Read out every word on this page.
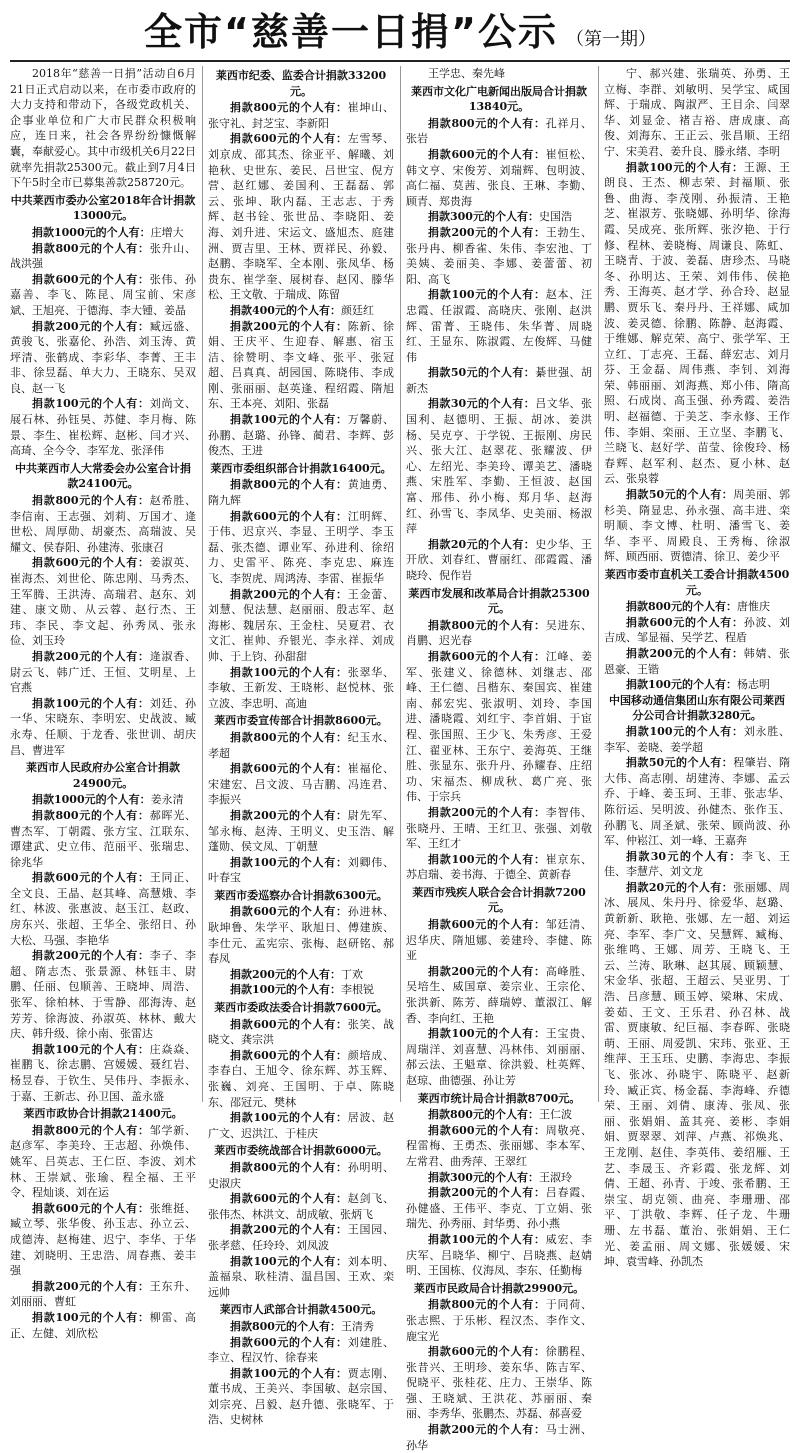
全市“慈善一日捐”公示 （第一期）
2018年“慈善一日捐”活动自6月21日正式启动以来，在市委市政府的大力支持和带动下，各级党政机关、企事业单位和广大市民群众积极响应，连日来，社会各界纷纷慷慨解囊，奉献爱心。其中市级机关6月22日就率先捐款25300元。截止到7月4日下午5时全市已募集善款258720元。
中共莱西市委办公室2018年合计捐款13000元。
捐款1000元的个人有：庄增大
捐款800元的个人有：张升山、战洪强
捐款600元的个人有：张伟、孙嘉善、李飞、陈昆、周宝前、宋彦斌、王旭亮、于德海、李大锺、姜晶
捐款200元的个人有：臧远盛、黄骏飞、张嘉伦、孙浩、刘玉涛、黄坪清、张鹤成、李彩华、李菁、王丰非、徐昱磊、单大力、王晓东、吴双良、赵一飞
捐款100元的个人有：刘尚文、展石林、孙钰昊、苏健、李月梅、陈景、李生、崔松辉、赵彬、闫才兴、高琦、全今令、李军龙、张泽伟
中共莱西市人大常委会办公室合计捐款24100元。
捐款800元的个人有：赵希胜、李信南、王志强、刘莉、万国才、逄世松、周厚勋、胡豪杰、高瑞波、吴耀文、侯春阳、孙建涛、张康召
捐款600元的个人有：姜淑英、崔海杰、刘世伦、陈忠刚、马秀杰、王军腾、王洪涛、高瑞君、赵东、刘建、康文勋、从云蓉、赵行杰、王玮、李民、李文起、孙秀凤、张永俭、刘玉玲
捐款200元的个人有：逄淑香、尉云飞、韩广迁、王恒、艾明星、上官燕
捐款100元的个人有：刘廷、孙一华、宋晓东、李明宏、史战波、臧永寿、任顺、于龙香、张世训、胡庆昌、曹进军
莱西市人民政府办公室合计捐款24900元。
捐款1000元的个人有：姜永清
捐款800元的个人有：郝晖光、曹杰军、丁朝霞、张方宝、江联东、谭建武、史立伟、范丽平、张瑞忠、徐兆华
捐款600元的个人有：王同正、全文良、王晶、赵其峰、高慧娥、李红、林波、张惠波、赵玉江、赵政、房东兴、张超、王华全、张绍日、孙大松、马强、李艳华
捐款200元的个人有：李子、李超、隋志杰、张景源、林钰丰、尉鹏、任丽、包顺善、王晓坤、周浩、张军、徐柏林、于雪静、邵海涛、赵芳芳、徐海波、孙淑英、林林、戴大庆、韩升级、徐小南、张雷达
捐款100元的个人有：庄焱焱、崔鹏飞、徐志鹏、宫媛媛、聂红岩、杨昱春、于钦生、吴伟丹、李振永、于嘉、王新志、孙卫国、盖永盛
莱西市政协合计捐款21400元。
捐款800元的个人有：邹学新、赵彦军、李美玲、王志超、孙焕伟、姚军、吕英志、王仁臣、李波、刘术林、王崇斌、张瑜、程全福、王平令、程灿谈、刘在运
捐款600元的个人有：张维挺、臧立琴、张华俊、孙玉志、孙立云、成德涛、赵梅建、迟宁、李华、于华建、刘晓明、王忠浩、周春燕、姜丰强
捐款200元的个人有：王东升、刘丽丽、曹虹
捐款100元的个人有：柳雷、高正、左健、刘欣松
莱西市纪委、监委合计捐款33200元。
捐款800元的个人有：崔坤山、张守礼、封芝宝、李新阳
捐款600元的个人有：左雪琴、刘京成、邵其杰、徐亚平、解曦、刘艳秋、史世东、姜民、吕世宝、倪方营、赵红娜、姜国利、王磊磊、郭云、张坤、耿内磊、王志志、于秀辉、赵书铨、张世品、李晓阳、姜海、刘升进、宋运文、盛旭杰、庭建洲、贾吉里、王林、贾祥民、孙毅、赵鹏、李晓军、全本刚、张凤华、杨贵东、崔学奎、展树春、赵冈、滕华松、王文敬、于瑞成、陈留
捐款400元的个人有：颜廷红
捐款200元的个人有：陈新、徐娟、王庆平、生迎春、解惠、宿玉洁、徐赞明、李文峰、张平、张冠超、吕真真、胡园国、陈晓伟、李成刚、张丽丽、赵英逢、程绍霞、隋旭东、王本亮、刘阳、张磊
捐款100元的个人有：万馨蔚、孙鹏、赵璐、孙锋、蔺君、李辉、彭俊杰、王进
莱西市委组织部合计捐款16400元。
捐款800元的个人有：黄迪勇、隋九辉
捐款600元的个人有：江明辉、于伟、迟京兴、李显、王明学、李玉磊、张杰德、谭业军、孙进利、徐绍力、史雷平、陈亮、李克忠、麻连飞、李贺虎、周鸿涛、李雷、崔振华
捐款200元的个人有：王金蕾、刘慧、倪法慧、赵丽丽、殷志军、赵海彬、魏居东、王金柱、吴夏君、衣文汇、崔帅、乔银光、李永祥、刘成帅、于上钧、孙甜甜
捐款100元的个人有：张翠华、李敏、王新发、王晓彬、赵悦林、张立波、李忠明、高迪
莱西市委宣传部合计捐款8600元。
捐款800元的个人有：纪玉水、孝超
捐款600元的个人有：崔福伦、宋建宏、吕文波、马吉鹏、冯连君、李振兴
捐款200元的个人有：尉先军、邹永梅、赵涛、王明义、史玉浩、解蓬勋、侯文凤、丁朝慧
捐款100元的个人有：刘卿伟、叶春宝
莱西市委巡察办合计捐款6300元。
捐款600元的个人有：孙进林、耿坤鲁、朱学平、耿旭日、傅建族、李仕元、孟宪宗、张梅、赵研铭、郝春凤
捐款200元的个人有：丁欢
捐款100元的个人有：李根锐
莱西市委政法委合计捐款7600元。
捐款600元的个人有：张笑、战晓文、龚宗洪
捐款600元的个人有：颜培成、李春白、王旭令、徐东辉、苏玉辉、张巍、刘亮、王国明、于卓、陈晓东、邵冠元、樊林
捐款100元的个人有：居波、赵广文、迟洪江、于桂庆
莱西市委统战部合计捐款6000元。
捐款800元的个人有：孙明明、史淑庆
捐款600元的个人有：赵剑飞、张伟杰、林洪文、胡成敏、张炳飞
捐款200元的个人有：王国园、张孝慈、任玲玲、刘凤波
捐款100元的个人有：刘本明、盖福泉、耿桂清、温昌国、王欢、栾远帅
莱西市人武部合计捐款4500元。
捐款800元的个人有：王清秀
捐款600元的个人有：刘建胜、李立、程汉竹、徐春来
捐款100元的个人有：贾志刚、董书成、王美兴、李国敏、赵宗国、刘宗亮、吕毅、赵升德、张晓军、于浩、史树林
王学忠、秦先峰
莱西市文化广电新闻出版局合计捐款13840元。
捐款800元的个人有：孔祥月、张岩
捐款600元的个人有：崔恒松、韩文亨、宋俊芳、刘瑞辉、包明波、高仁福、莫茜、张良、王琳、李勤、顾青、郑贵海
捐款300元的个人有：史国浩
捐款200元的个人有：王勃生、张丹冉、柳香雀、朱伟、李宏池、丁美姨、姜丽美、李娜、姜蕾蕾、初阳、高飞
捐款100元的个人有：赵本、汪忠霞、任淑霞、高晓庆、张刚、赵洪辉、雷菁、王晓伟、朱华菁、周晓红、王显东、陈淑霞、左俊辉、马健伟
捐款50元的个人有：綦世强、胡新杰
捐款30元的个人有：吕文华、张国利、赵德明、王振、胡冰、姜洪杨、吴克亨、于学锐、王振刚、房民兴、张大江、赵翠花、张耀波、伊心、左绍光、李美玲、谭美艺、潘晓燕、宋胜军、李勤、王恒波、赵国富、邢伟、孙小梅、郑月华、赵海红、孙雪飞、李凤华、史美丽、杨淑萍
捐款20元的个人有：史少华、王开欣、刘春红、曹丽红、邵霞霞、潘晓玲、倪作岩
莱西市发展和改革局合计捐款25300元。
捐款800元的个人有：吴进东、肖鹏、迟光春
捐款600元的个人有：江峰、姜军、张建义、徐德林、刘继志、邵峰、王仁德、吕楷东、秦国宾、崔建南、郝宏宪、张淑明、刘玲、李国进、潘晓霞、刘红宇、李首娟、于宦程、张国照、王少飞、朱秀彦、王爱江、翟亚林、王东宁、姜海英、王继胜、张显东、张升丹、孙耀春、庄绍功、宋福杰、柳成秋、葛广亮、张伟、于宗兵
捐款200元的个人有：李智伟、张晓丹、王晴、王红卫、张强、刘敬军、王红才
捐款100元的个人有：崔京东、苏启瑞、姜书海、于德全、黄新春
莱西市残疾人联合会合计捐款7200元。
捐款600元的个人有：邹廷清、迟华庆、隋旭娜、姜建玲、李健、陈亚
捐款200元的个人有：高峰胜、吴培生、威国章、姜宗业、王宗伦、张洪新、陈芳、薛瑞婷、董淑江、解香、李向红、王艳
捐款100元的个人有：王宝贵、周瑞洋、刘喜慧、冯林伟、刘丽丽、郝云法、王魁章、徐洪毅、杜英辉、赵琼、曲德强、孙让芳
莱西市统计局合计捐款8700元。
捐款800元的个人有：王仁波
捐款600元的个人有：周敬亮、程雷梅、王勇杰、张丽娜、李本军、左常君、曲秀萍、王翠红
捐款300元的个人有：王淑玲
捐款200元的个人有：吕春霞、孙健盛、王伟平、李克、丁立娟、张瑞先、孙秀丽、封华勇、孙小燕
捐款100元的个人有：威宏、李庆军、吕晓华、柳宁、吕晓燕、赵婧明、王国栋、仪海凤、李东、任勤梅
莱西市民政局合计捐款29900元。
捐款800元的个人有：于同荷、张志熙、于乐彬、程汉杰、李作文、鹿宝光
捐款600元的个人有：徐鹏程、张昔兴、王明珍、姜东华、陈吉军、倪晓平、张桂花、庄力、王崇华、陈强、王晓斌、王洪花、苏丽丽、秦丽、李秀华、张鹏杰、苏磊、郝喜爱
捐款200元的个人有：马士洲、孙华
宁、郝兴建、张瑞英、孙勇、王立梅、李群、刘敏明、吴学宝、咸国辉、于瑞成、陶淑严、王目余、闫翠华、刘显金、褚吉裕、唐成康、高俊、刘海东、王正云、张昌顺、王绍宁、宋美君、姜升良、滕永绪、李明
捐款100元的个人有：王源、王朗良、王杰、柳志荣、封福顺、张鲁、曲海、李茂刚、孙振清、王艳芝、崔淑芳、张晓娜、孙明华、徐海霞、吴成亮、张所辉、张汐艳、于行修、程林、姜晓梅、周谦良、陈虹、王晓青、于波、姜磊、唐珍杰、马晓冬、孙明达、王荣、刘伟伟、侯艳秀、王海英、赵才学、孙合玲、赵显鹏、贾乐飞、秦丹丹、王祥娜、咸加波、姜灵德、徐鹏、陈静、赵海霞、于维娜、解克荣、高宁、张学军、王立红、丁志亮、王磊、薛宏志、刘月芬、王金磊、周伟燕、李钊、刘海荣、韩丽丽、刘海燕、郑小伟、隋高照、石成岗、高玉强、孙秀霞、姜浩明、赵福德、于美芝、李永修、王作伟、李娟、栾丽、王立坚、李鹏飞、兰晓飞、赵好学、苗莹、徐俊玲、杨春辉、赵军利、赵杰、夏小林、赵云、张泉蓉
捐款50元的个人有：周美丽、郭杉美、隋显忠、孙永强、高丰进、栾明顺、李文博、杜明、潘雪飞、姜华、李平、周殿良、王秀梅、徐淑辉、顾西丽、贾德清、徐卫、姜少平
莱西市委市直机关工委合计捐款4500元。
捐款800元的个人有：唐惟庆
捐款600元的个人有：孙波、刘吉成、邹显福、吴学艺、程盾
捐款200元的个人有：韩婧、张恩豪、王锴
捐款100元的个人有：杨志明
中国移动通信集团山东有限公司莱西分公司合计捐款3280元。
捐款100元的个人有：刘永胜、李军、姜晓、姜学超
捐款50元的个人有：程肇岩、隋大伟、高志刚、胡建涛、李娜、孟云乔、于峰、姜玉珂、王菲、张志华、陈衍运、吴明波、孙健杰、张作玉、孙鹏飞、周圣斌、张荣、顾尚波、孙军、仲崧江、刘一峰、王嘉奔
捐款30元的个人有：李飞、王佳、李慧芹、刘文龙
捐款20元的个人有：张丽娜、周冰、展凤、朱丹丹、徐爱华、赵璐、黄新新、耿艳、张娜、左一超、刘运亮、李军、李广文、吴慧辉、臧梅、张维鸣、王娜、周芳、王晓飞、王云、兰涛、耿琳、赵其展、顾颖慧、宋金华、张超、王超云、吴亚男、丁浩、吕彦慧、顾玉婷、梁琳、宋成、姜茹、王文、王乐君、孙召林、战雷、贾康敏、纪巨福、李春晖、张晓萌、王丽、周爱凯、宋玮、张亚、王维萍、王玉珏、史鹏、李海忠、李振飞、张冰、孙晓宇、陈晓平、赵新玲、臧正宾、杨金磊、李海峰、乔德荣、王丽、刘倩、康涛、张凤、张丽、张娟娟、盖其亮、姜彬、李娟娟、贾翠翠、刘萍、卢燕、祁焕兆、王龙刚、赵佳、李英伟、姜绍雁、王艺、李晟玉、齐彩霞、张龙辉、刘倩、王超、孙青、于竣、张希鹏、王崇宝、胡克领、曲亮、李珊珊、邵平、丁洪敬、李辉、任子龙、牛珊珊、左书磊、董治、张娟娟、王仁光、姜孟丽、周文娜、张媛媛、宋坤、袁雪峰、孙凯杰
